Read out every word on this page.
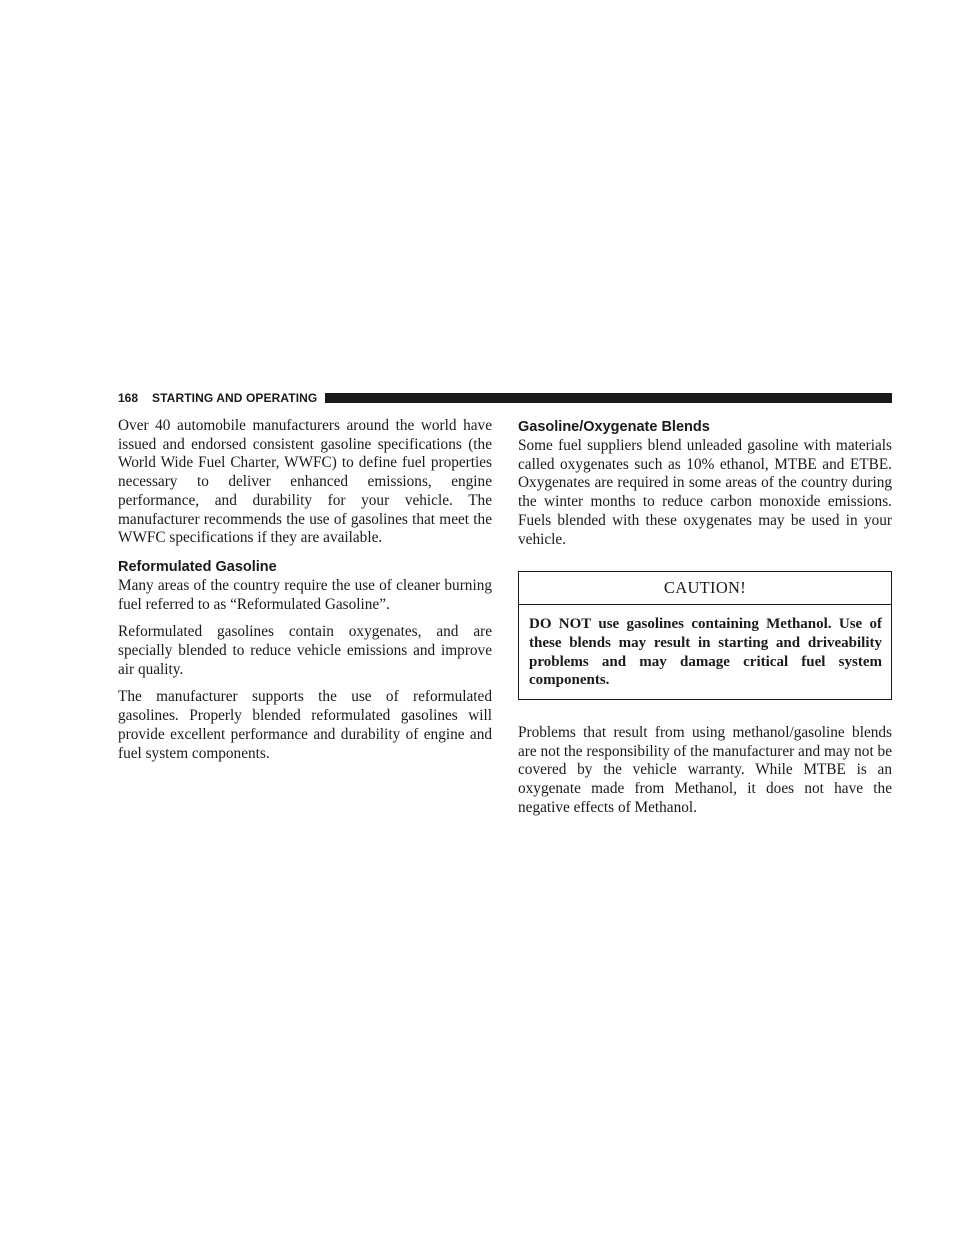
168 STARTING AND OPERATING

Over 40 automobile manufacturers around the world have issued and endorsed consistent gasoline specifications (the World Wide Fuel Charter, WWFC) to define fuel properties necessary to deliver enhanced emissions, engine performance, and durability for your vehicle. The manufacturer recommends the use of gasolines that meet the WWFC specifications if they are available.

Reformulated Gasoline

Many areas of the country require the use of cleaner burning fuel referred to as “Reformulated Gasoline”.

Reformulated gasolines contain oxygenates, and are specially blended to reduce vehicle emissions and improve air quality.

The manufacturer supports the use of reformulated gasolines. Properly blended reformulated gasolines will provide excellent performance and durability of engine and fuel system components.

Gasoline/Oxygenate Blends

Some fuel suppliers blend unleaded gasoline with materials called oxygenates such as 10% ethanol, MTBE and ETBE. Oxygenates are required in some areas of the country during the winter months to reduce carbon monoxide emissions. Fuels blended with these oxygenates may be used in your vehicle.

CAUTION!
DO NOT use gasolines containing Methanol. Use of these blends may result in starting and driveability problems and may damage critical fuel system components.

Problems that result from using methanol/gasoline blends are not the responsibility of the manufacturer and may not be covered by the vehicle warranty. While MTBE is an oxygenate made from Methanol, it does not have the negative effects of Methanol.
